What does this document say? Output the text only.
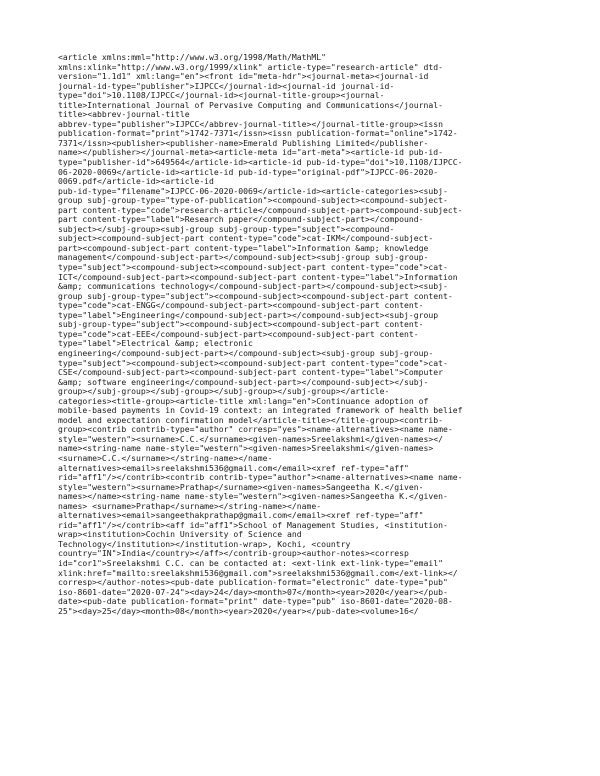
<article xmlns:mml="http://www.w3.org/1998/Math/MathML"
xmlns:xlink="http://www.w3.org/1999/xlink" article-type="research-article" dtd-
version="1.1d1" xml:lang="en"><front id="meta-hdr"><journal-meta><journal-id
journal-id-type="publisher">IJPCC</journal-id><journal-id journal-id-
type="doi">10.1108/IJPCC</journal-id><journal-title-group><journal-
title>International Journal of Pervasive Computing and Communications</journal-
title><abbrev-journal-title
abbrev-type="publisher">IJPCC</abbrev-journal-title></journal-title-group><issn
publication-format="print">1742-7371</issn><issn publication-format="online">1742-
7371</issn><publisher><publisher-name>Emerald Publishing Limited</publisher-
name></publisher></journal-meta><article-meta id="art-meta"><article-id pub-id-
type="publisher-id">649564</article-id><article-id pub-id-type="doi">10.1108/IJPCC-
06-2020-0069</article-id><article-id pub-id-type="original-pdf">IJPCC-06-2020-
0069.pdf</article-id><article-id
pub-id-type="filename">IJPCC-06-2020-0069</article-id><article-categories><subj-
group subj-group-type="type-of-publication"><compound-subject><compound-subject-
part content-type="code">research-article</compound-subject-part><compound-subject-
part content-type="label">Research paper</compound-subject-part></compound-
subject></subj-group><subj-group subj-group-type="subject"><compound-
subject><compound-subject-part content-type="code">cat-IKM</compound-subject-
part><compound-subject-part content-type="label">Information &amp; knowledge
management</compound-subject-part></compound-subject><subj-group subj-group-
type="subject"><compound-subject><compound-subject-part content-type="code">cat-
ICT</compound-subject-part><compound-subject-part content-type="label">Information
&amp; communications technology</compound-subject-part></compound-subject><subj-
group subj-group-type="subject"><compound-subject><compound-subject-part content-
type="code">cat-ENGG</compound-subject-part><compound-subject-part content-
type="label">Engineering</compound-subject-part></compound-subject><subj-group
subj-group-type="subject"><compound-subject><compound-subject-part content-
type="code">cat-EEE</compound-subject-part><compound-subject-part content-
type="label">Electrical &amp; electronic
engineering</compound-subject-part></compound-subject><subj-group subj-group-
type="subject"><compound-subject><compound-subject-part content-type="code">cat-
CSE</compound-subject-part><compound-subject-part content-type="label">Computer
&amp; software engineering</compound-subject-part></compound-subject></subj-
group></subj-group></subj-group></subj-group></subj-group></article-
categories><title-group><article-title xml:lang="en">Continuance adoption of
mobile-based payments in Covid-19 context: an integrated framework of health belief
model and expectation confirmation model</article-title></title-group><contrib-
group><contrib contrib-type="author" corresp="yes"><name-alternatives><name name-
style="western"><surname>C.C.</surname><given-names>Sreelakshmi</given-names></
name><string-name name-style="western"><given-names>Sreelakshmi</given-names>
<surname>C.C.</surname></string-name></name-
alternatives><email>sreelakshmi536@gmail.com</email><xref ref-type="aff"
rid="aff1"/></contrib><contrib contrib-type="author"><name-alternatives><name name-
style="western"><surname>Prathap</surname><given-names>Sangeetha K.</given-
names></name><string-name name-style="western"><given-names>Sangeetha K.</given-
names> <surname>Prathap</surname></string-name></name-
alternatives><email>sangeethakprathap@gmail.com</email><xref ref-type="aff"
rid="aff1"/></contrib><aff id="aff1">School of Management Studies, <institution-
wrap><institution>Cochin University of Science and
Technology</institution></institution-wrap>, Kochi, <country
country="IN">India</country></aff></contrib-group><author-notes><corresp
id="cor1">Sreelakshmi C.C. can be contacted at: <ext-link ext-link-type="email"
xlink:href="mailto:sreelakshmi536@gmail.com">sreelakshmi536@gmail.com</ext-link></
corresp></author-notes><pub-date publication-format="electronic" date-type="pub"
iso-8601-date="2020-07-24"><day>24</day><month>07</month><year>2020</year></pub-
date><pub-date publication-format="print" date-type="pub" iso-8601-date="2020-08-
25"><day>25</day><month>08</month><year>2020</year></pub-date><volume>16</
